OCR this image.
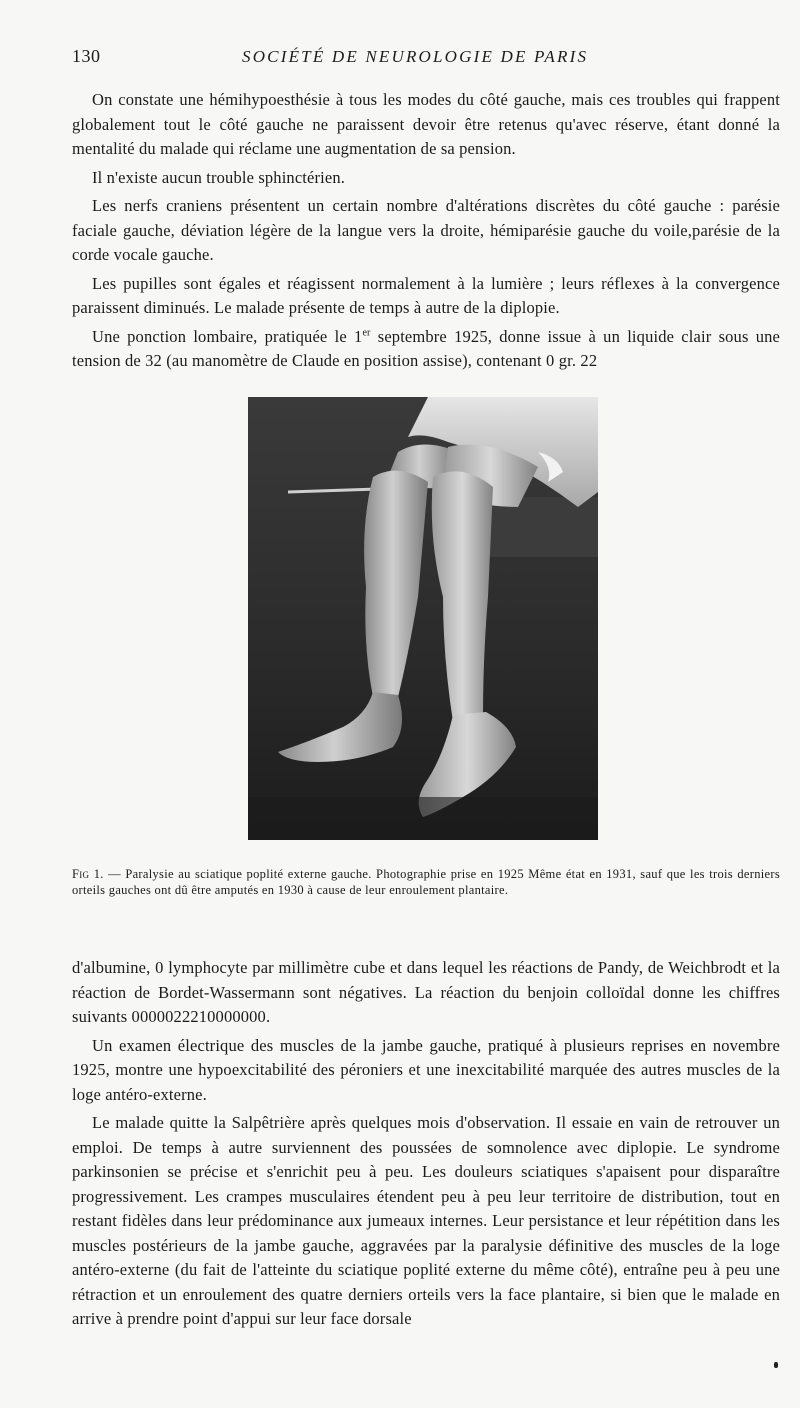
130	SOCIÉTÉ DE NEUROLOGIE DE PARIS

On constate une hémihypoesthésie à tous les modes du côté gauche, mais ces troubles qui frappent globalement tout le côté gauche ne paraissent devoir être retenus qu'avec réserve, étant donné la mentalité du malade qui réclame une augmentation de sa pension.

Il n'existe aucun trouble sphinctérien.

Les nerfs craniens présentent un certain nombre d'altérations discrètes du côté gauche : parésie faciale gauche, déviation légère de la langue vers la droite, hémiparésie gauche du voile,parésie de la corde vocale gauche.

Les pupilles sont égales et réagissent normalement à la lumière ; leurs réflexes à la convergence paraissent diminués. Le malade présente de temps à autre de la diplopie.

Une ponction lombaire, pratiquée le 1er septembre 1925, donne issue à un liquide clair sous une tension de 32 (au manomètre de Claude en position assise), contenant 0 gr. 22

Fig 1. — Paralysie au sciatique poplité externe gauche. Photographie prise en 1925 Même état en 1931, sauf que les trois derniers orteils gauches ont dû être amputés en 1930 à cause de leur enroulement plantaire.

d'albumine, 0 lymphocyte par millimètre cube et dans lequel les réactions de Pandy, de Weichbrodt et la réaction de Bordet-Wassermann sont négatives. La réaction du benjoin colloïdal donne les chiffres suivants 0000022210000000.

Un examen électrique des muscles de la jambe gauche, pratiqué à plusieurs reprises en novembre 1925, montre une hypoexcitabilité des péroniers et une inexcitabilité marquée des autres muscles de la loge antéro-externe.

Le malade quitte la Salpêtrière après quelques mois d'observation. Il essaie en vain de retrouver un emploi. De temps à autre surviennent des poussées de somnolence avec diplopie. Le syndrome parkinsonien se précise et s'enrichit peu à peu. Les douleurs sciatiques s'apaisent pour disparaître progressivement. Les crampes musculaires étendent peu à peu leur territoire de distribution, tout en restant fidèles dans leur prédominance aux jumeaux internes. Leur persistance et leur répétition dans les muscles postérieurs de la jambe gauche, aggravées par la paralysie définitive des muscles de la loge antéro-externe (du fait de l'atteinte du sciatique poplité externe du même côté), entraîne peu à peu une rétraction et un enroulement des quatre derniers orteils vers la face plantaire, si bien que le malade en arrive à prendre point d'appui sur leur face dorsale
